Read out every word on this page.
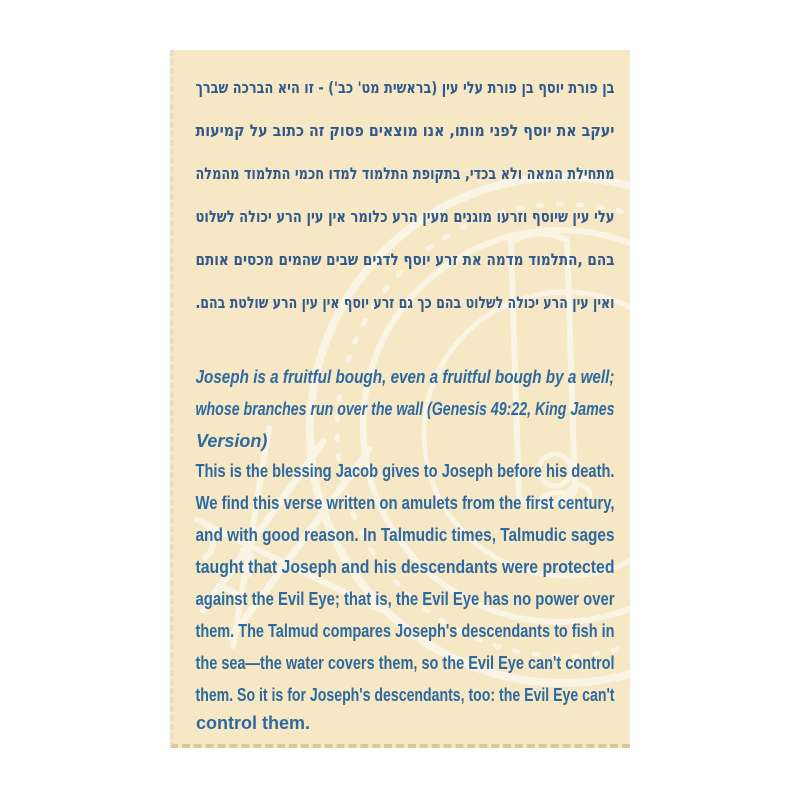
בן פורת יוסף בן פורת עלי עין (בראשית מט' כב') - זו היא הברכה שברך
יעקב את יוסף לפני מותו, אנו מוצאים פסוק זה כתוב על קמיעות
מתחילת המאה ולא בכדי, בתקופת התלמוד למדו חכמי התלמוד מהמלה
עלי עין שיוסף וזרעו מוגנים מעין הרע כלומר אין עין הרע יכולה לשלוט
בהם ,התלמוד מדמה את זרע יוסף לדגים שבים שהמים מכסים אותם
ואין עין הרע יכולה לשלוט בהם כך גם זרע יוסף אין עין הרע שולטת בהם.
Joseph is a fruitful bough, even a fruitful bough by a well;
whose branches run over the wall (Genesis 49:22, King James
Version)
This is the blessing Jacob gives to Joseph before his death.
We find this verse written on amulets from the first century,
and with good reason. In Talmudic times, Talmudic sages
taught that Joseph and his descendants were protected
against the Evil Eye; that is, the Evil Eye has no power over
them. The Talmud compares Joseph's descendants to fish in
the sea—the water covers them, so the Evil Eye can't control
them. So it is for Joseph's descendants, too: the Evil Eye can't
control them.
